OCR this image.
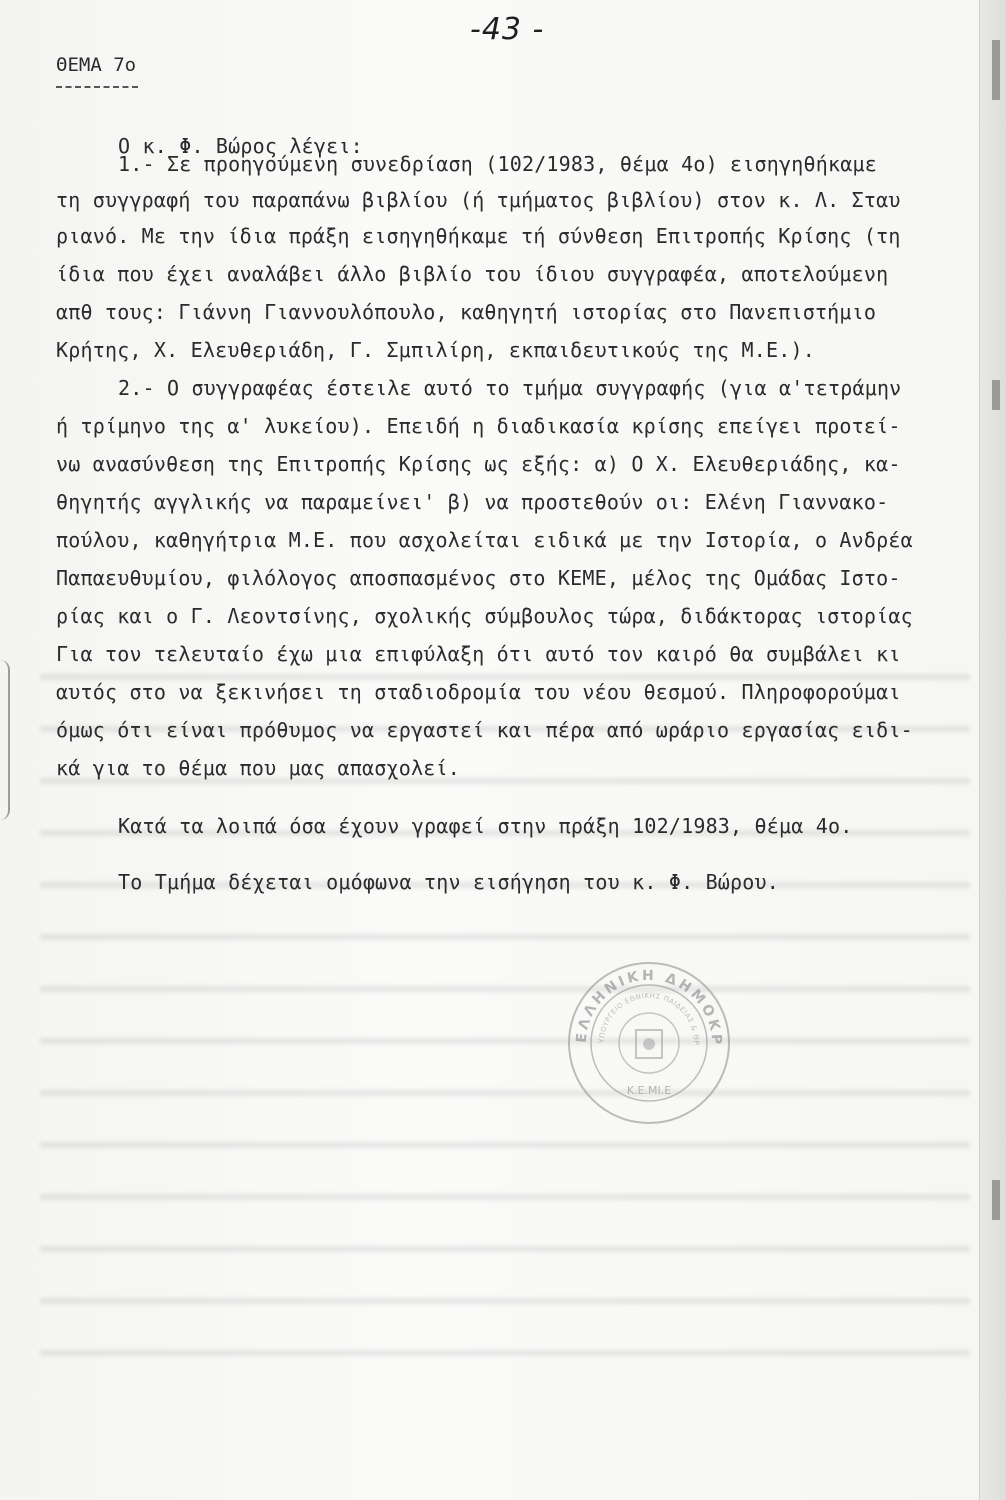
-43 -
ΘΕΜΑ 7ο
Ο κ. Φ. Βώρος λέγει:
1.- Σε προηγούμενη συνεδρίαση (102/1983, θέμα 4ο) εισηγηθήκαμε
τη συγγραφή του παραπάνω βιβλίου (ή τμήματος βιβλίου) στον κ. Λ. Σταυ
ριανό. Με την ίδια πράξη εισηγηθήκαμε τή σύνθεση Επιτροπής Κρίσης (τη
ίδια που έχει αναλάβει άλλο βιβλίο του ίδιου συγγραφέα, αποτελούμενη
απθ τους: Γιάννη Γιαννουλόπουλο, καθηγητή ιστορίας στο Πανεπιστήμιο
Κρήτης, Χ. Ελευθεριάδη, Γ. Σμπιλίρη, εκπαιδευτικούς της Μ.Ε.).
2.- Ο συγγραφέας έστειλε αυτό το τμήμα συγγραφής (για α'τετράμην
ή τρίμηνο της α' λυκείου). Επειδή η διαδικασία κρίσης επείγει προτεί-
νω ανασύνθεση της Επιτροπής Κρίσης ως εξής: α) Ο Χ. Ελευθεριάδης, κα-
θηγητής αγγλικής να παραμείνει' β) να προστεθούν οι: Ελένη Γιαννακο-
πούλου, καθηγήτρια Μ.Ε. που ασχολείται ειδικά με την Ιστορία, ο Ανδρέα
Παπαευθυμίου, φιλόλογος αποσπασμένος στο ΚΕΜΕ, μέλος της Ομάδας Ιστο-
ρίας και ο Γ. Λεοντσίνης, σχολικής σύμβουλος τώρα, διδάκτορας ιστορίας
Για τον τελευταίο έχω μια επιφύλαξη ότι αυτό τον καιρό θα συμβάλει κι
αυτός στο να ξεκινήσει τη σταδιοδρομία του νέου θεσμού. Πληροφορούμαι
όμως ότι είναι πρόθυμος να εργαστεί και πέρα από ωράριο εργασίας ειδι-
κά για το θέμα που μας απασχολεί.
Κατά τα λοιπά όσα έχουν γραφεί στην πράξη 102/1983, θέμα 4ο.
Το Τμήμα δέχεται ομόφωνα την εισήγηση του κ. Φ. Βώρου.
ΕΛΛΗΝΙΚΗ ΔΗΜΟΚΡ
ΥΠΟΥΡΓΕΙΟ ΕΘΝΙΚΗΣ ΠΑΙΔΕΙΑΣ & ΘΡ
Κ.Ε.ΜΙ.Ε
